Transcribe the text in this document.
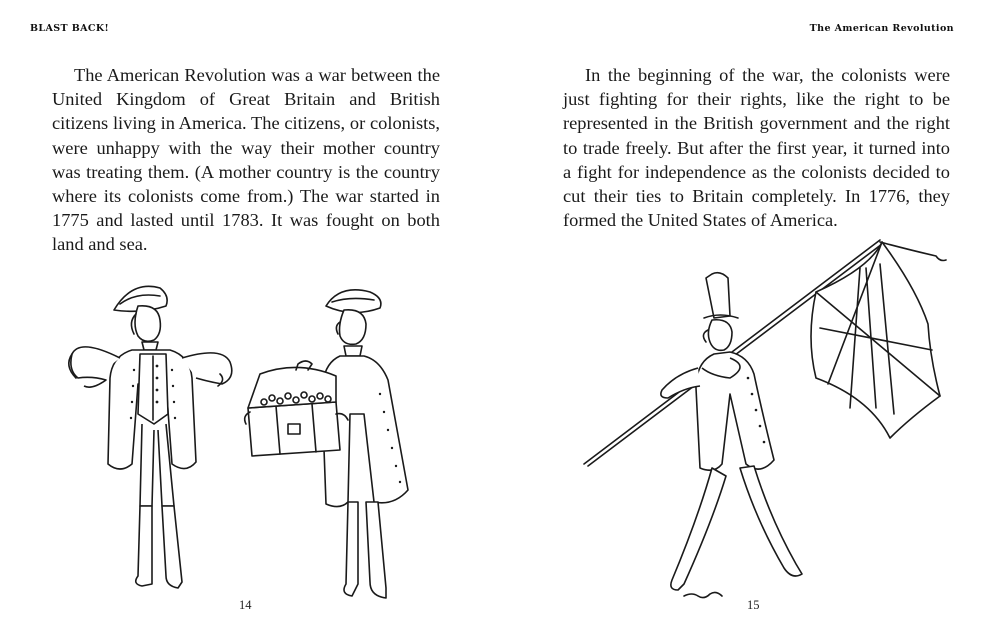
BLAST BACK!

The American Revolution was a war between the United Kingdom of Great Britain and British citizens living in America. The citizens, or colonists, were unhappy with the way their mother country was treating them. (A mother country is the country where its colonists come from.) The war started in 1775 and lasted until 1783. It was fought on both land and sea.

14
The American Revolution

In the beginning of the war, the colonists were just fighting for their rights, like the right to be represented in the British government and the right to trade freely. But after the first year, it turned into a fight for independence as the colonists decided to cut their ties to Britain completely. In 1776, they formed the United States of America.

15
